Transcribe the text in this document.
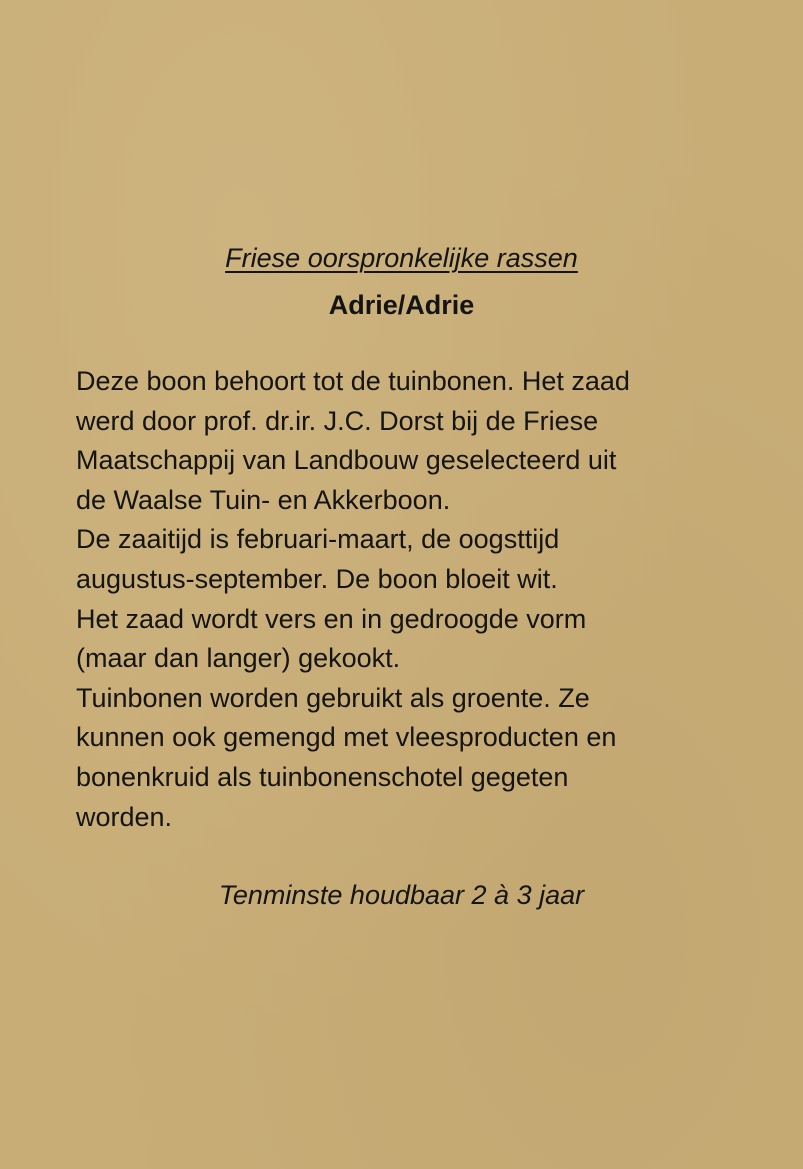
Friese oorspronkelijke rassen
Adrie/Adrie
Deze boon behoort tot de tuinbonen. Het zaad
werd door prof. dr.ir. J.C. Dorst bij de Friese
Maatschappij van Landbouw geselecteerd uit
de Waalse Tuin- en Akkerboon.
De zaaitijd is februari-maart, de oogsttijd
augustus-september. De boon bloeit wit.
Het zaad wordt vers en in gedroogde vorm
(maar dan langer) gekookt.
Tuinbonen worden gebruikt als groente. Ze
kunnen ook gemengd met vleesproducten en
bonenkruid als tuinbonenschotel gegeten
worden.
Tenminste houdbaar 2 à 3 jaar
